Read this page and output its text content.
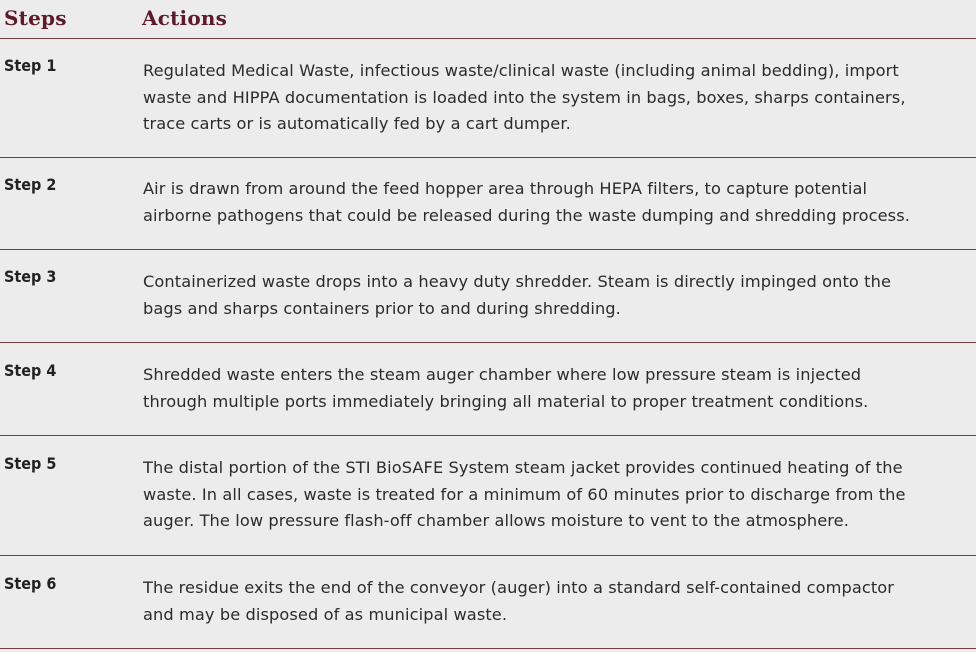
Steps	Actions
Step 1	Regulated Medical Waste, infectious waste/clinical waste (including animal bedding), import
waste and HIPPA documentation is loaded into the system in bags, boxes, sharps containers,
trace carts or is automatically fed by a cart dumper.
Step 2	Air is drawn from around the feed hopper area through HEPA filters, to capture potential
airborne pathogens that could be released during the waste dumping and shredding process.
Step 3	Containerized waste drops into a heavy duty shredder. Steam is directly impinged onto the
bags and sharps containers prior to and during shredding.
Step 4	Shredded waste enters the steam auger chamber where low pressure steam is injected
through multiple ports immediately bringing all material to proper treatment conditions.
Step 5	The distal portion of the STI BioSAFE System steam jacket provides continued heating of the
waste. In all cases, waste is treated for a minimum of 60 minutes prior to discharge from the
auger. The low pressure flash-off chamber allows moisture to vent to the atmosphere.
Step 6	The residue exits the end of the conveyor (auger) into a standard self-contained compactor
and may be disposed of as municipal waste.
